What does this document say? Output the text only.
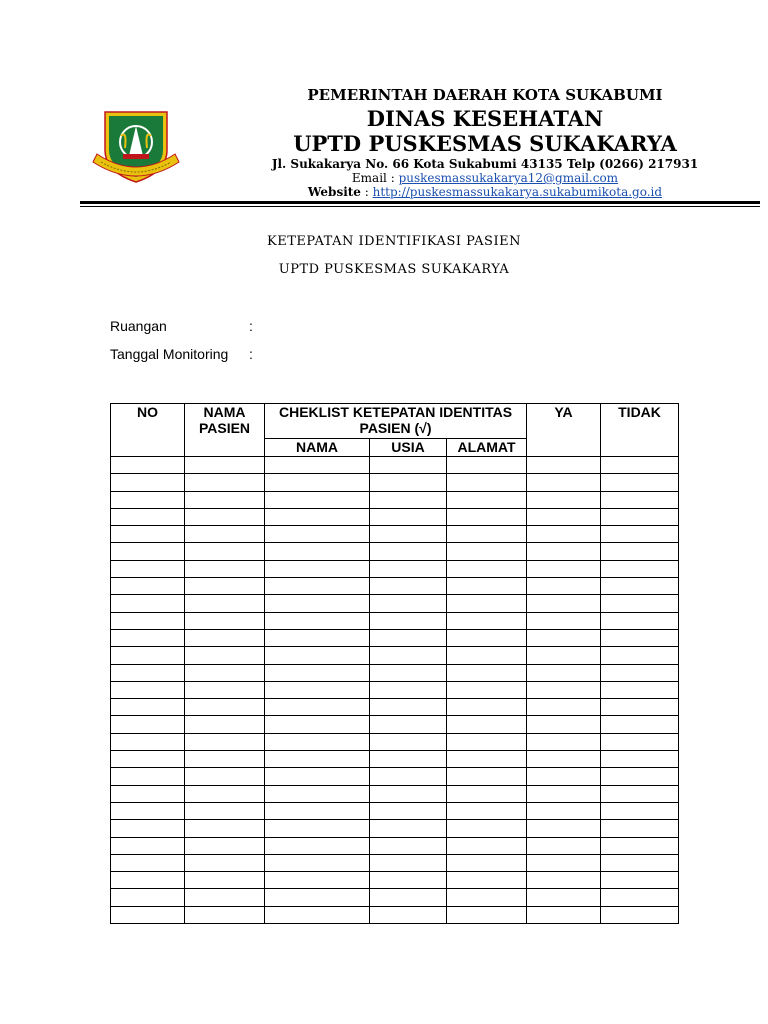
PEMERINTAH DAERAH KOTA SUKABUMI
DINAS KESEHATAN
UPTD PUSKESMAS SUKAKARYA
Jl. Sukakarya No. 66 Kota Sukabumi 43135 Telp (0266) 217931
Email : puskesmassukakarya12@gmail.com
Website : http://puskesmassukakarya.sukabumikota.go.id
KETEPATAN IDENTIFIKASI PASIEN
UPTD PUSKESMAS SUKAKARYA
Ruangan	:
Tanggal Monitoring :
NO	NAMA PASIEN	CHEKLIST KETEPATAN IDENTITAS PASIEN (√)			YA	TIDAK
		NAMA	USIA	ALAMAT		
